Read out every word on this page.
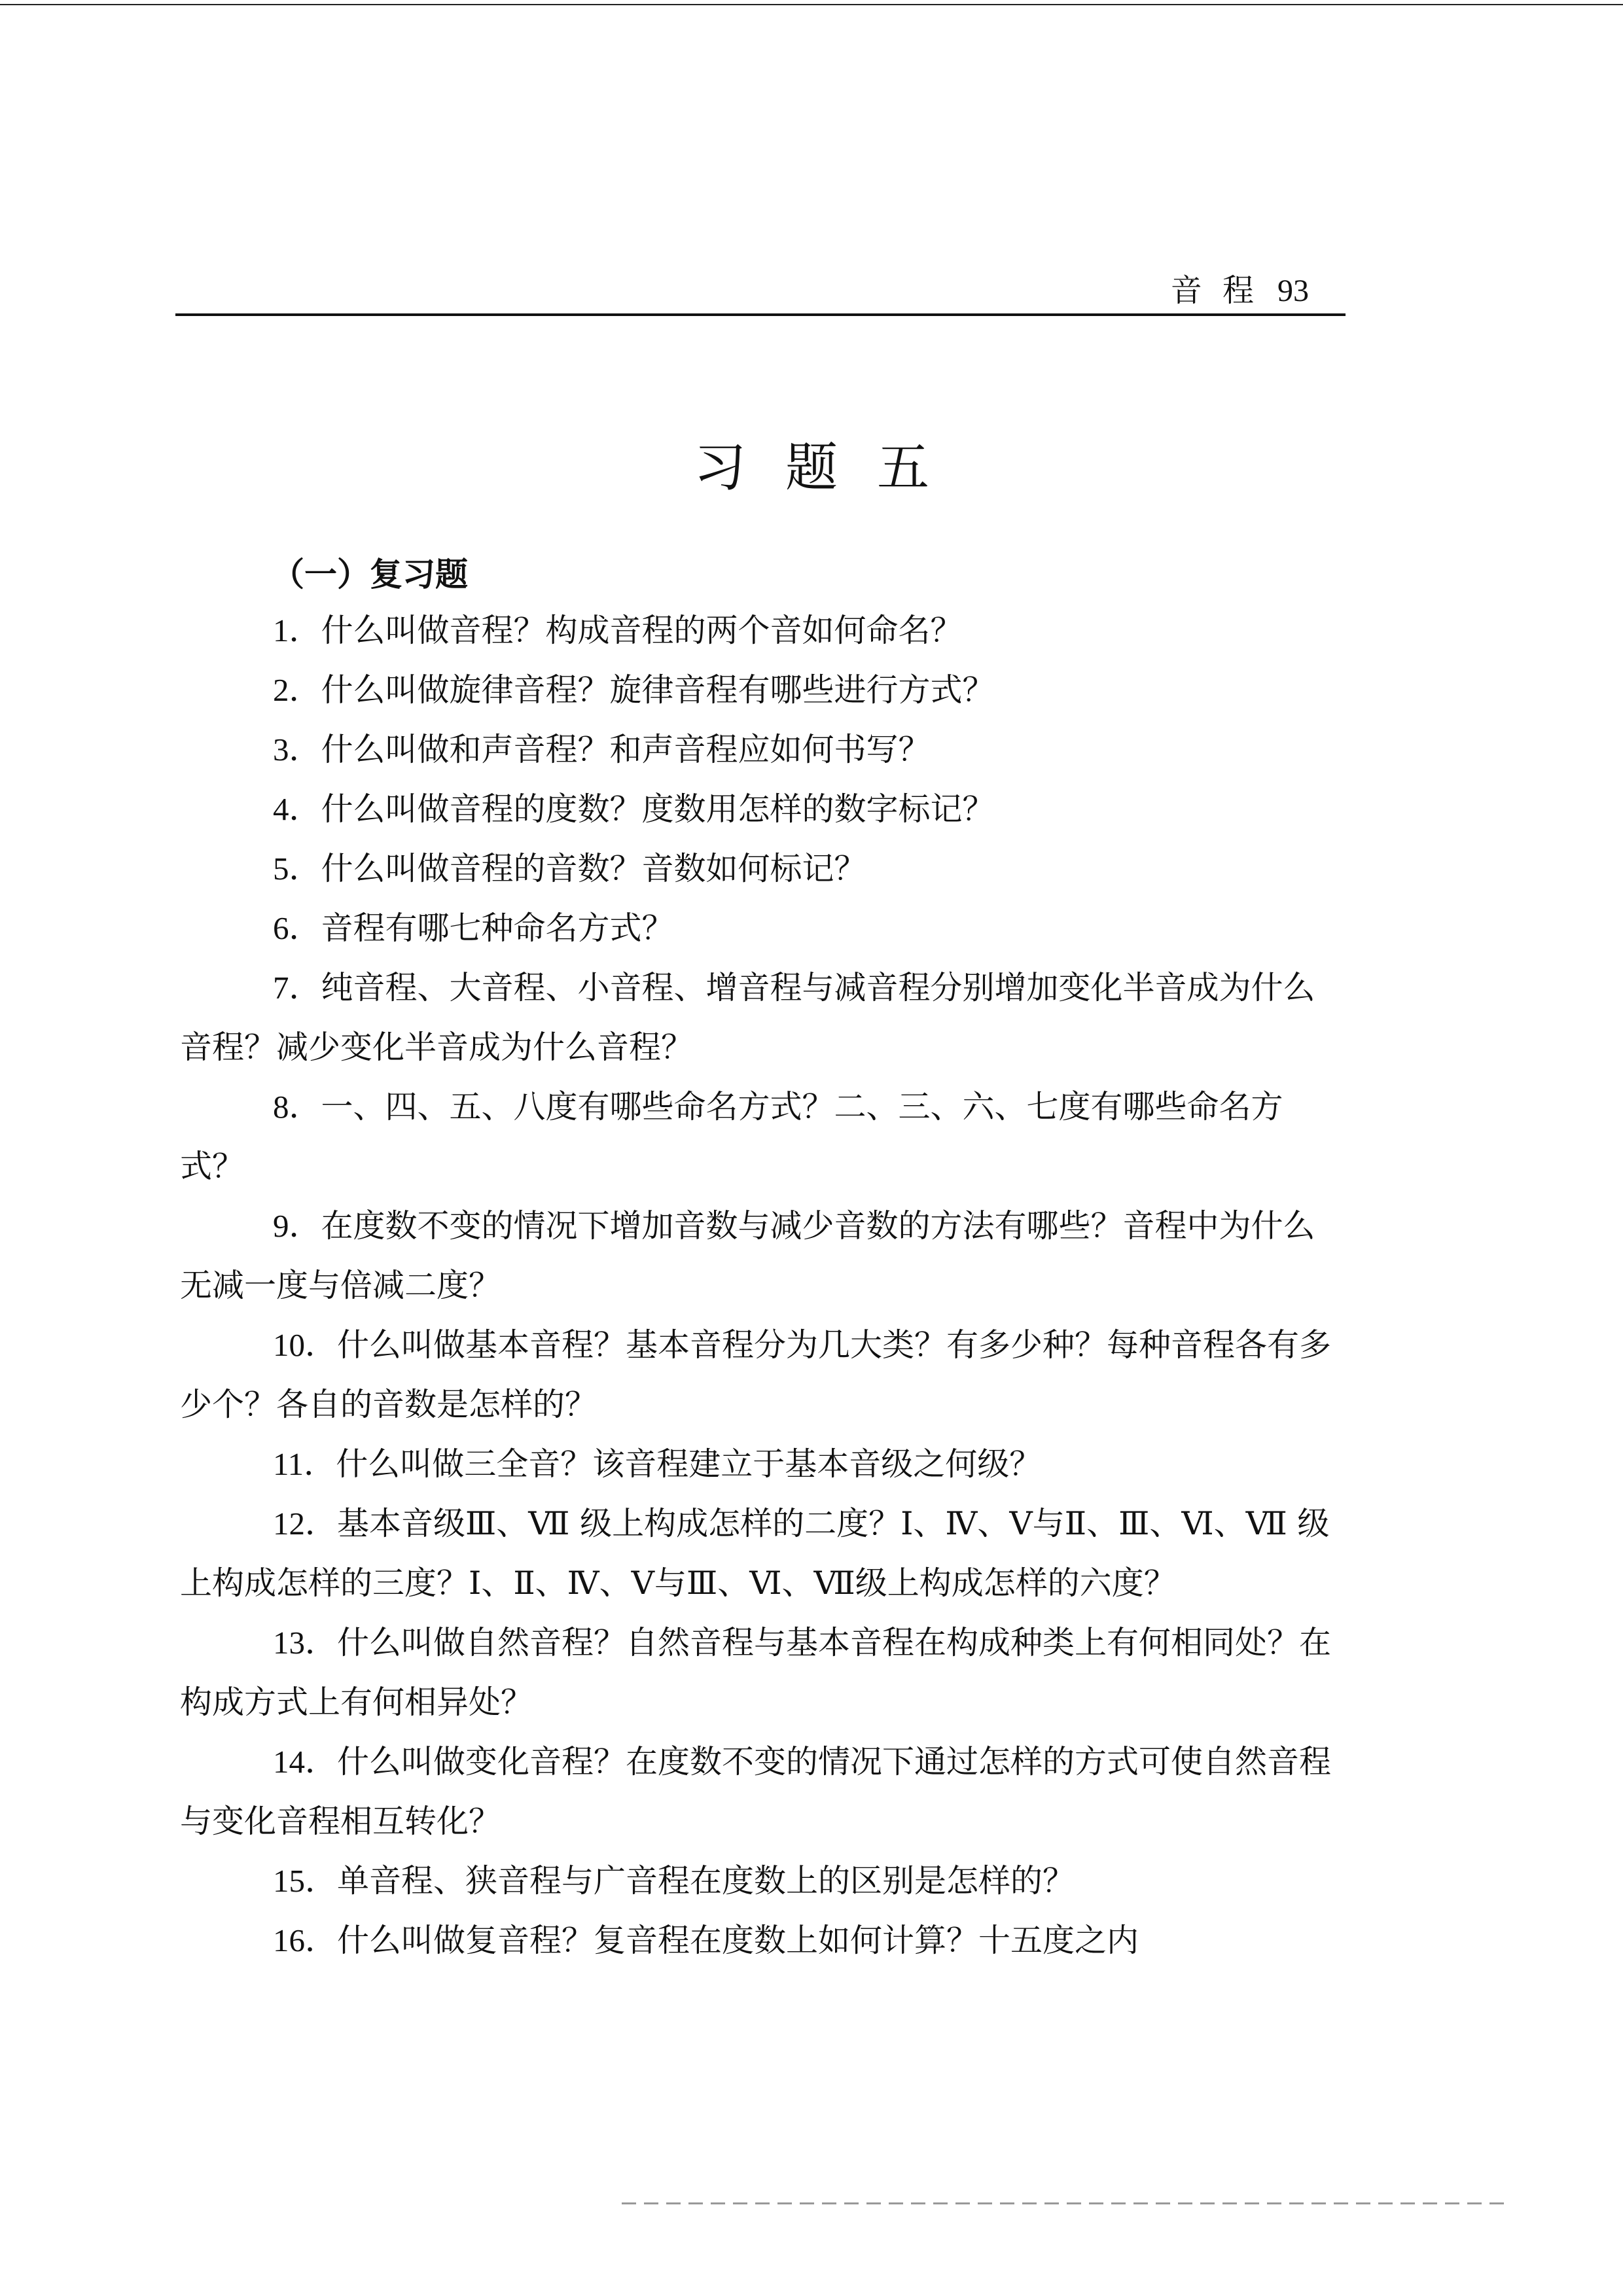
音 程 93
习题五
（一）复习题

1．什么叫做音程？构成音程的两个音如何命名？

2．什么叫做旋律音程？旋律音程有哪些进行方式？

3．什么叫做和声音程？和声音程应如何书写？

4．什么叫做音程的度数？度数用怎样的数字标记？

5．什么叫做音程的音数？音数如何标记？

6．音程有哪七种命名方式？

7．纯音程、大音程、小音程、增音程与减音程分别增加变化半音成为什么音程？减少变化半音成为什么音程？

8．一、四、五、八度有哪些命名方式？二、三、六、七度有哪些命名方式？

9．在度数不变的情况下增加音数与减少音数的方法有哪些？音程中为什么无减一度与倍减二度？

10．什么叫做基本音程？基本音程分为几大类？有多少种？每种音程各有多少个？各自的音数是怎样的？

11．什么叫做三全音？该音程建立于基本音级之何级？

12．基本音级Ⅲ、Ⅶ 级上构成怎样的二度？Ⅰ、Ⅳ、Ⅴ与Ⅱ、Ⅲ、Ⅵ、Ⅶ 级上构成怎样的三度？Ⅰ、Ⅱ、Ⅳ、Ⅴ与Ⅲ、Ⅵ、Ⅶ级上构成怎样的六度？

13．什么叫做自然音程？自然音程与基本音程在构成种类上有何相同处？在构成方式上有何相异处？

14．什么叫做变化音程？在度数不变的情况下通过怎样的方式可使自然音程与变化音程相互转化？

15．单音程、狭音程与广音程在度数上的区别是怎样的？

16．什么叫做复音程？复音程在度数上如何计算？十五度之内
